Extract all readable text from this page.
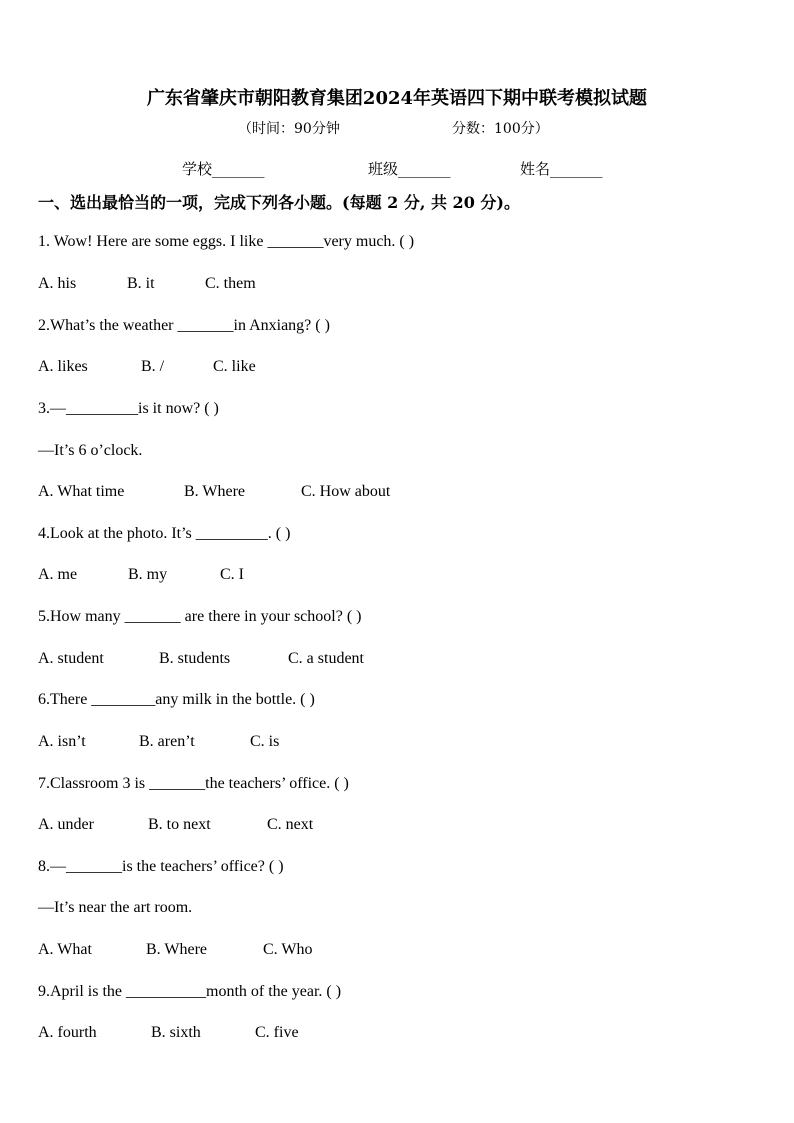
广东省肇庆市朝阳教育集团2024年英语四下期中联考模拟试题
（时间：90分钟	分数：100分）
学校_______	班级_______	姓名_______
一、选出最恰当的一项，完成下列各小题。(每题 2 分, 共 20 分)。
1. Wow! Here are some eggs. I like _______very much. ( )
A. his	B. it	C. them
2.What’s the weather _______in Anxiang? ( )
A. likes	B. /	C. like
3.—_________is it now? ( )
—It’s 6 o’clock.
A. What time	B. Where	C. How about
4.Look at the photo. It’s _________. ( )
A. me	B. my	C. I
5.How many _______ are there in your school? ( )
A. student	B. students	C. a student
6.There ________any milk in the bottle. ( )
A. isn’t	B. aren’t	C. is
7.Classroom 3 is _______the teachers’ office. ( )
A. under	B. to next	C. next
8.—_______is the teachers’ office? ( )
—It’s near the art room.
A. What	B. Where	C. Who
9.April is the __________month of the year. ( )
A. fourth	B. sixth	C. five
